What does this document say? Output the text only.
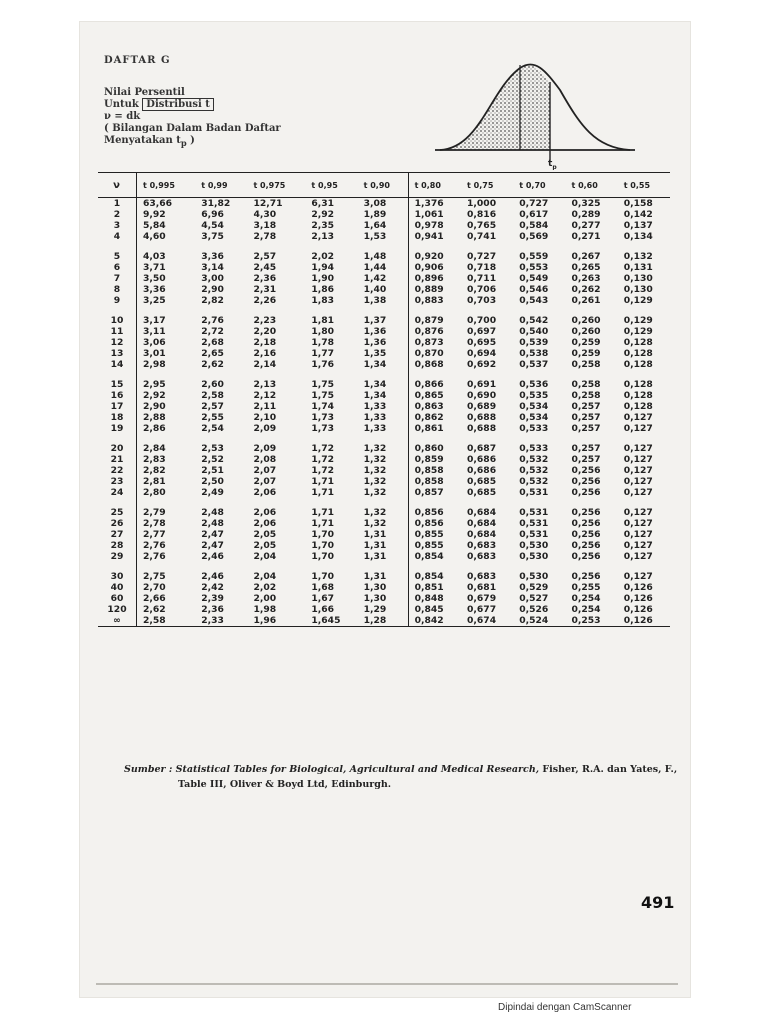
DAFTAR G
Nilai Persentil
Untuk Distribusi t
ν = dk
( Bilangan Dalam Badan Daftar
Menyatakan $t_p$ )
$t_p$
ν	t 0,995	t 0,99	t 0,975	t 0,95	t 0,90	t 0,80	t 0,75	t 0,70	t 0,60	t 0,55
1	63,66	31,82	12,71	6,31	3,08	1,376	1,000	0,727	0,325	0,158
2	9,92	6,96	4,30	2,92	1,89	1,061	0,816	0,617	0,289	0,142
3	5,84	4,54	3,18	2,35	1,64	0,978	0,765	0,584	0,277	0,137
4	4,60	3,75	2,78	2,13	1,53	0,941	0,741	0,569	0,271	0,134

5	4,03	3,36	2,57	2,02	1,48	0,920	0,727	0,559	0,267	0,132
6	3,71	3,14	2,45	1,94	1,44	0,906	0,718	0,553	0,265	0,131
7	3,50	3,00	2,36	1,90	1,42	0,896	0,711	0,549	0,263	0,130
8	3,36	2,90	2,31	1,86	1,40	0,889	0,706	0,546	0,262	0,130
9	3,25	2,82	2,26	1,83	1,38	0,883	0,703	0,543	0,261	0,129

10	3,17	2,76	2,23	1,81	1,37	0,879	0,700	0,542	0,260	0,129
11	3,11	2,72	2,20	1,80	1,36	0,876	0,697	0,540	0,260	0,129
12	3,06	2,68	2,18	1,78	1,36	0,873	0,695	0,539	0,259	0,128
13	3,01	2,65	2,16	1,77	1,35	0,870	0,694	0,538	0,259	0,128
14	2,98	2,62	2,14	1,76	1,34	0,868	0,692	0,537	0,258	0,128

15	2,95	2,60	2,13	1,75	1,34	0,866	0,691	0,536	0,258	0,128
16	2,92	2,58	2,12	1,75	1,34	0,865	0,690	0,535	0,258	0,128
17	2,90	2,57	2,11	1,74	1,33	0,863	0,689	0,534	0,257	0,128
18	2,88	2,55	2,10	1,73	1,33	0,862	0,688	0,534	0,257	0,127
19	2,86	2,54	2,09	1,73	1,33	0,861	0,688	0,533	0,257	0,127

20	2,84	2,53	2,09	1,72	1,32	0,860	0,687	0,533	0,257	0,127
21	2,83	2,52	2,08	1,72	1,32	0,859	0,686	0,532	0,257	0,127
22	2,82	2,51	2,07	1,72	1,32	0,858	0,686	0,532	0,256	0,127
23	2,81	2,50	2,07	1,71	1,32	0,858	0,685	0,532	0,256	0,127
24	2,80	2,49	2,06	1,71	1,32	0,857	0,685	0,531	0,256	0,127

25	2,79	2,48	2,06	1,71	1,32	0,856	0,684	0,531	0,256	0,127
26	2,78	2,48	2,06	1,71	1,32	0,856	0,684	0,531	0,256	0,127
27	2,77	2,47	2,05	1,70	1,31	0,855	0,684	0,531	0,256	0,127
28	2,76	2,47	2,05	1,70	1,31	0,855	0,683	0,530	0,256	0,127
29	2,76	2,46	2,04	1,70	1,31	0,854	0,683	0,530	0,256	0,127

30	2,75	2,46	2,04	1,70	1,31	0,854	0,683	0,530	0,256	0,127
40	2,70	2,42	2,02	1,68	1,30	0,851	0,681	0,529	0,255	0,126
60	2,66	2,39	2,00	1,67	1,30	0,848	0,679	0,527	0,254	0,126
120	2,62	2,36	1,98	1,66	1,29	0,845	0,677	0,526	0,254	0,126
∞	2,58	2,33	1,96	1,645	1,28	0,842	0,674	0,524	0,253	0,126
Sumber : Statistical Tables for Biological, Agricultural and Medical Research, Fisher, R.A. dan Yates, F.,
Table III, Oliver & Boyd Ltd, Edinburgh.
491
Dipindai dengan CamScanner
